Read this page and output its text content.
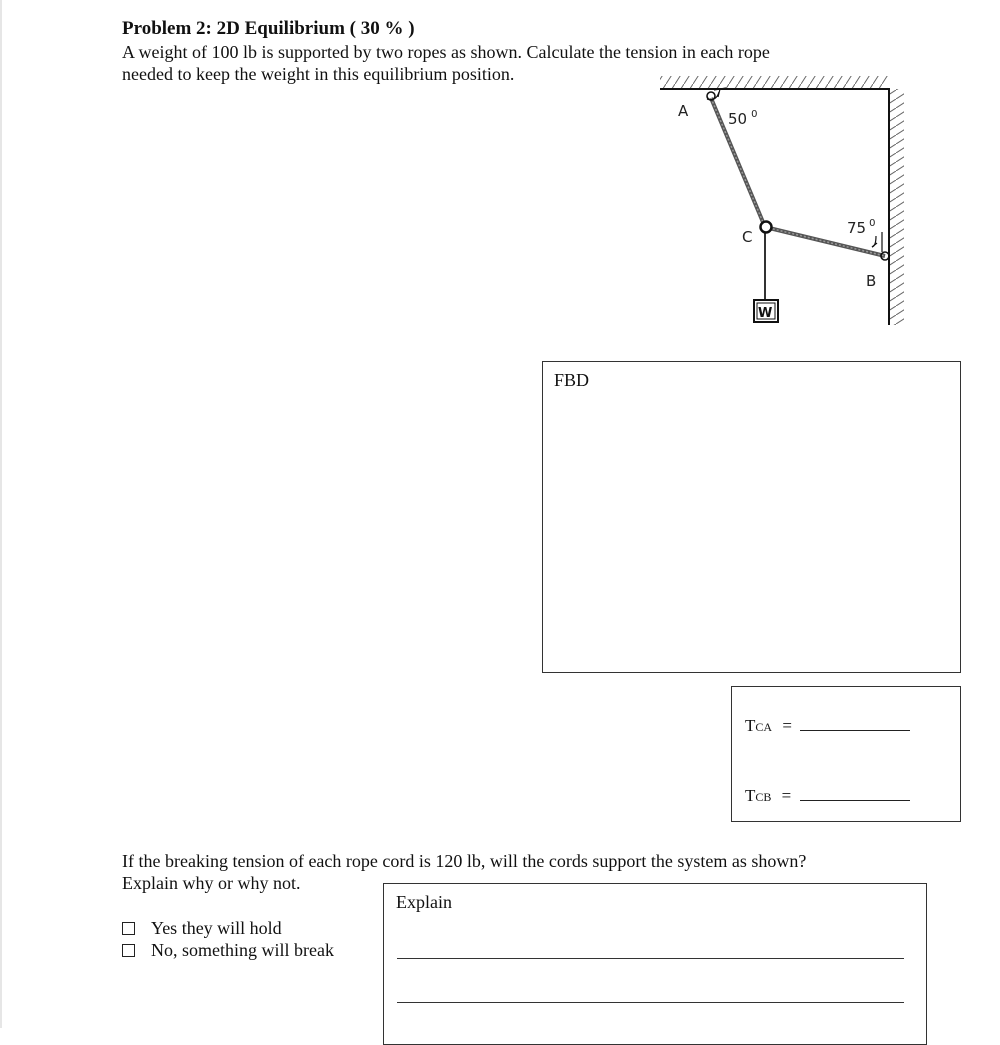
Problem 2: 2D Equilibrium ( 30 % )
A weight of 100 lb is supported by two ropes as shown. Calculate the tension in each rope
needed to keep the weight in this equilibrium position.
A	50 $^0$
C	75 $^0$
B
W
FBD
TCA =
TCB =
If the breaking tension of each rope cord is 120 lb, will the cords support the system as shown?
Explain why or why not.
Yes they will hold
No, something will break
Explain
